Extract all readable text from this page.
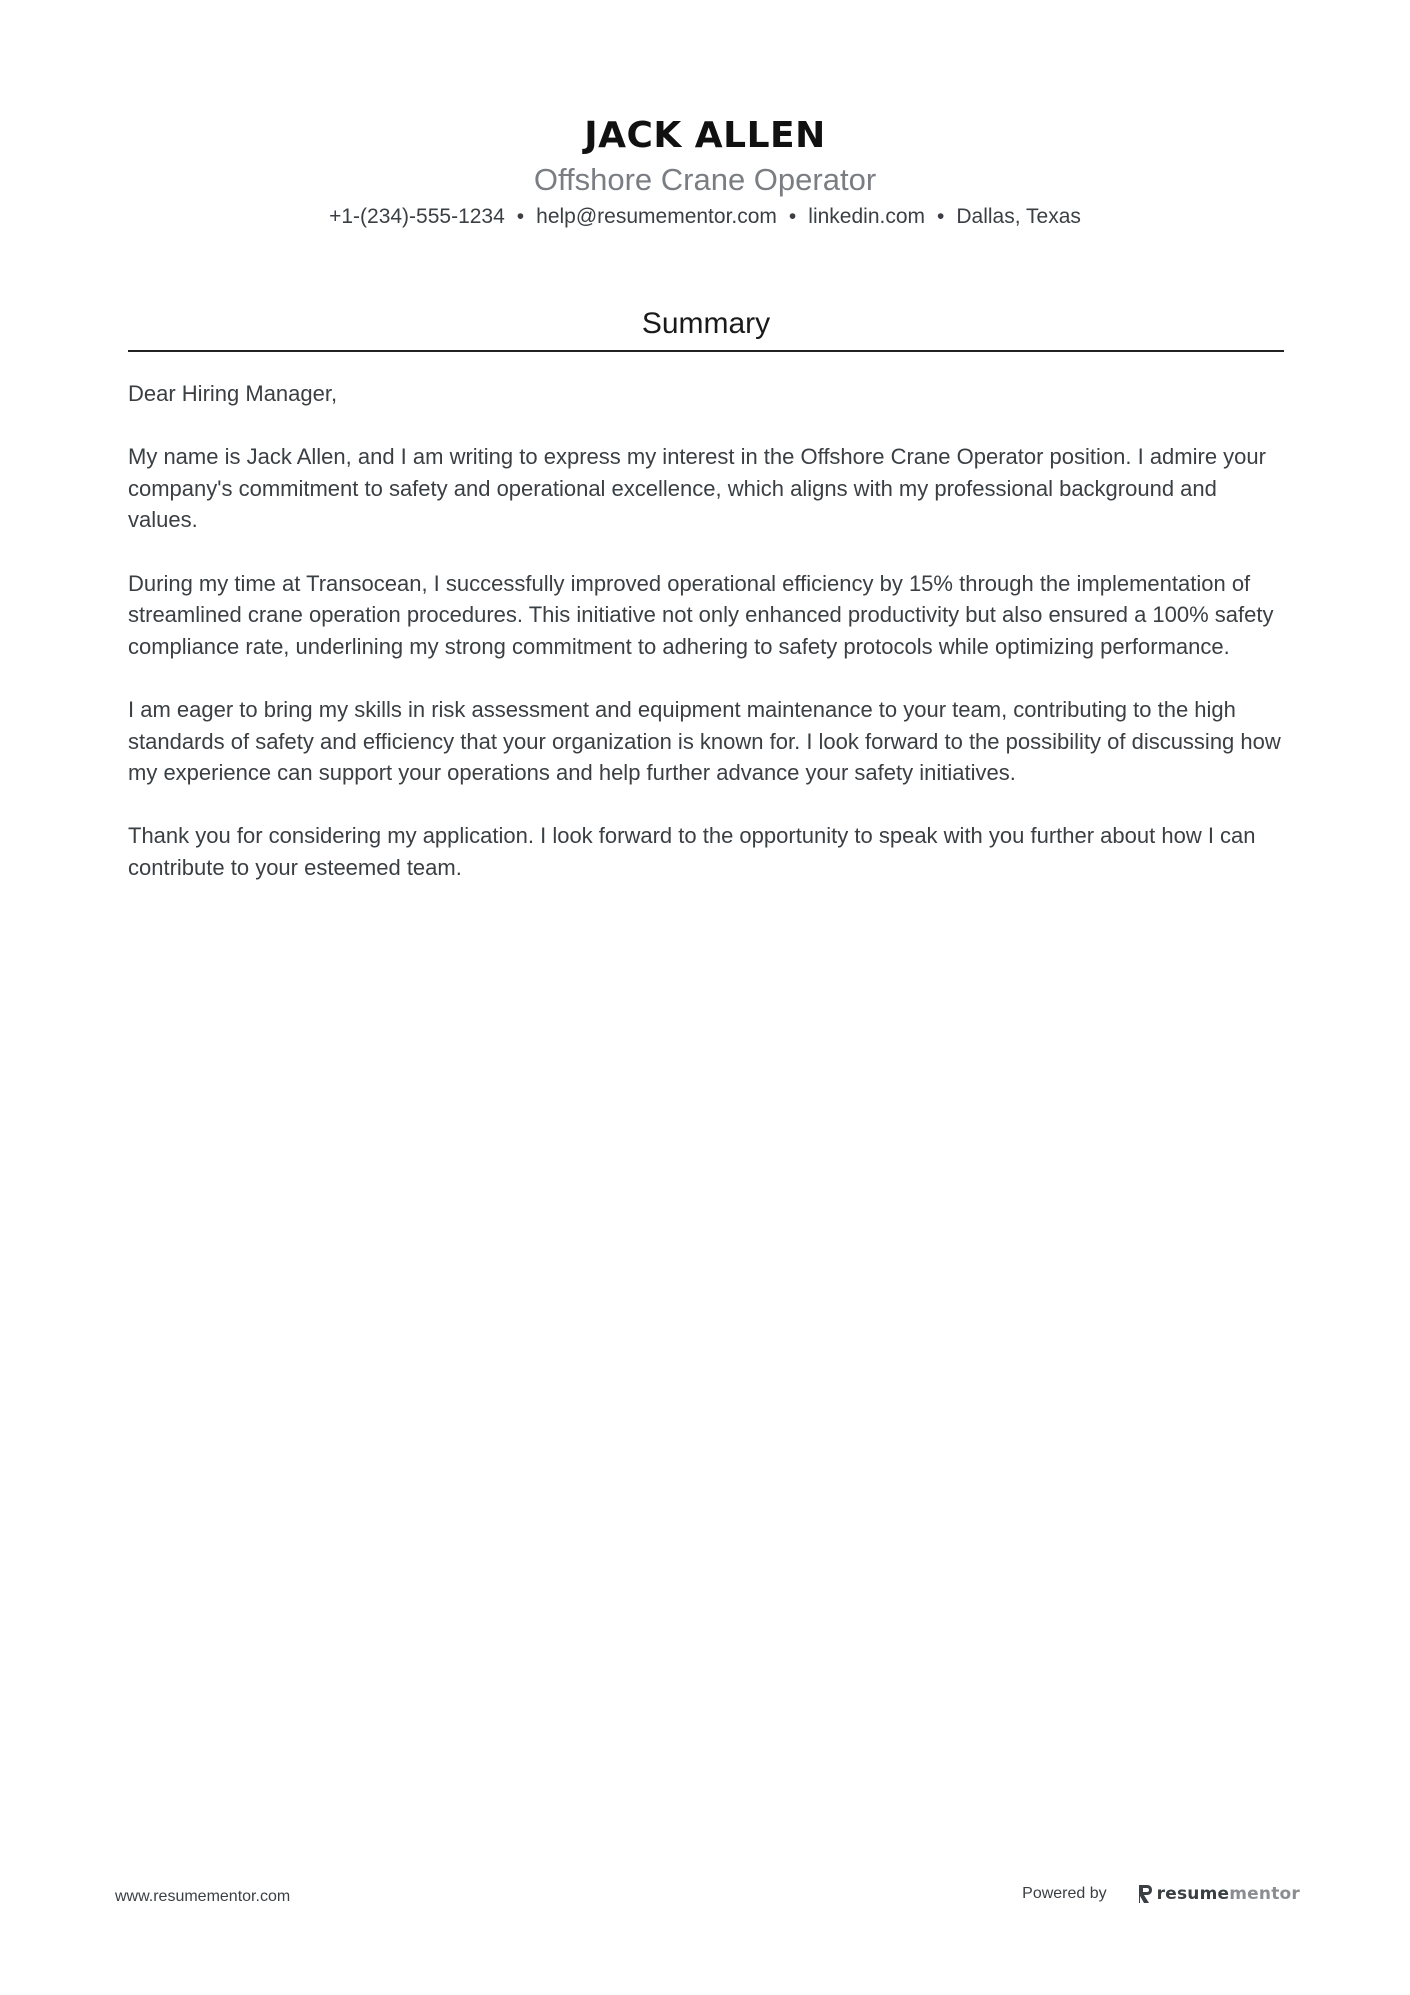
JACK ALLEN
Offshore Crane Operator
+1-(234)-555-1234 • help@resumementor.com • linkedin.com • Dallas, Texas
Summary

Dear Hiring Manager,

My name is Jack Allen, and I am writing to express my interest in the Offshore Crane Operator position. I admire your company's commitment to safety and operational excellence, which aligns with my professional background and values.

During my time at Transocean, I successfully improved operational efficiency by 15% through the implementation of streamlined crane operation procedures. This initiative not only enhanced productivity but also ensured a 100% safety compliance rate, underlining my strong commitment to adhering to safety protocols while optimizing performance.

I am eager to bring my skills in risk assessment and equipment maintenance to your team, contributing to the high standards of safety and efficiency that your organization is known for. I look forward to the possibility of discussing how my experience can support your operations and help further advance your safety initiatives.

Thank you for considering my application. I look forward to the opportunity to speak with you further about how I can contribute to your esteemed team.

www.resumementor.com	Powered by	resume mentor
